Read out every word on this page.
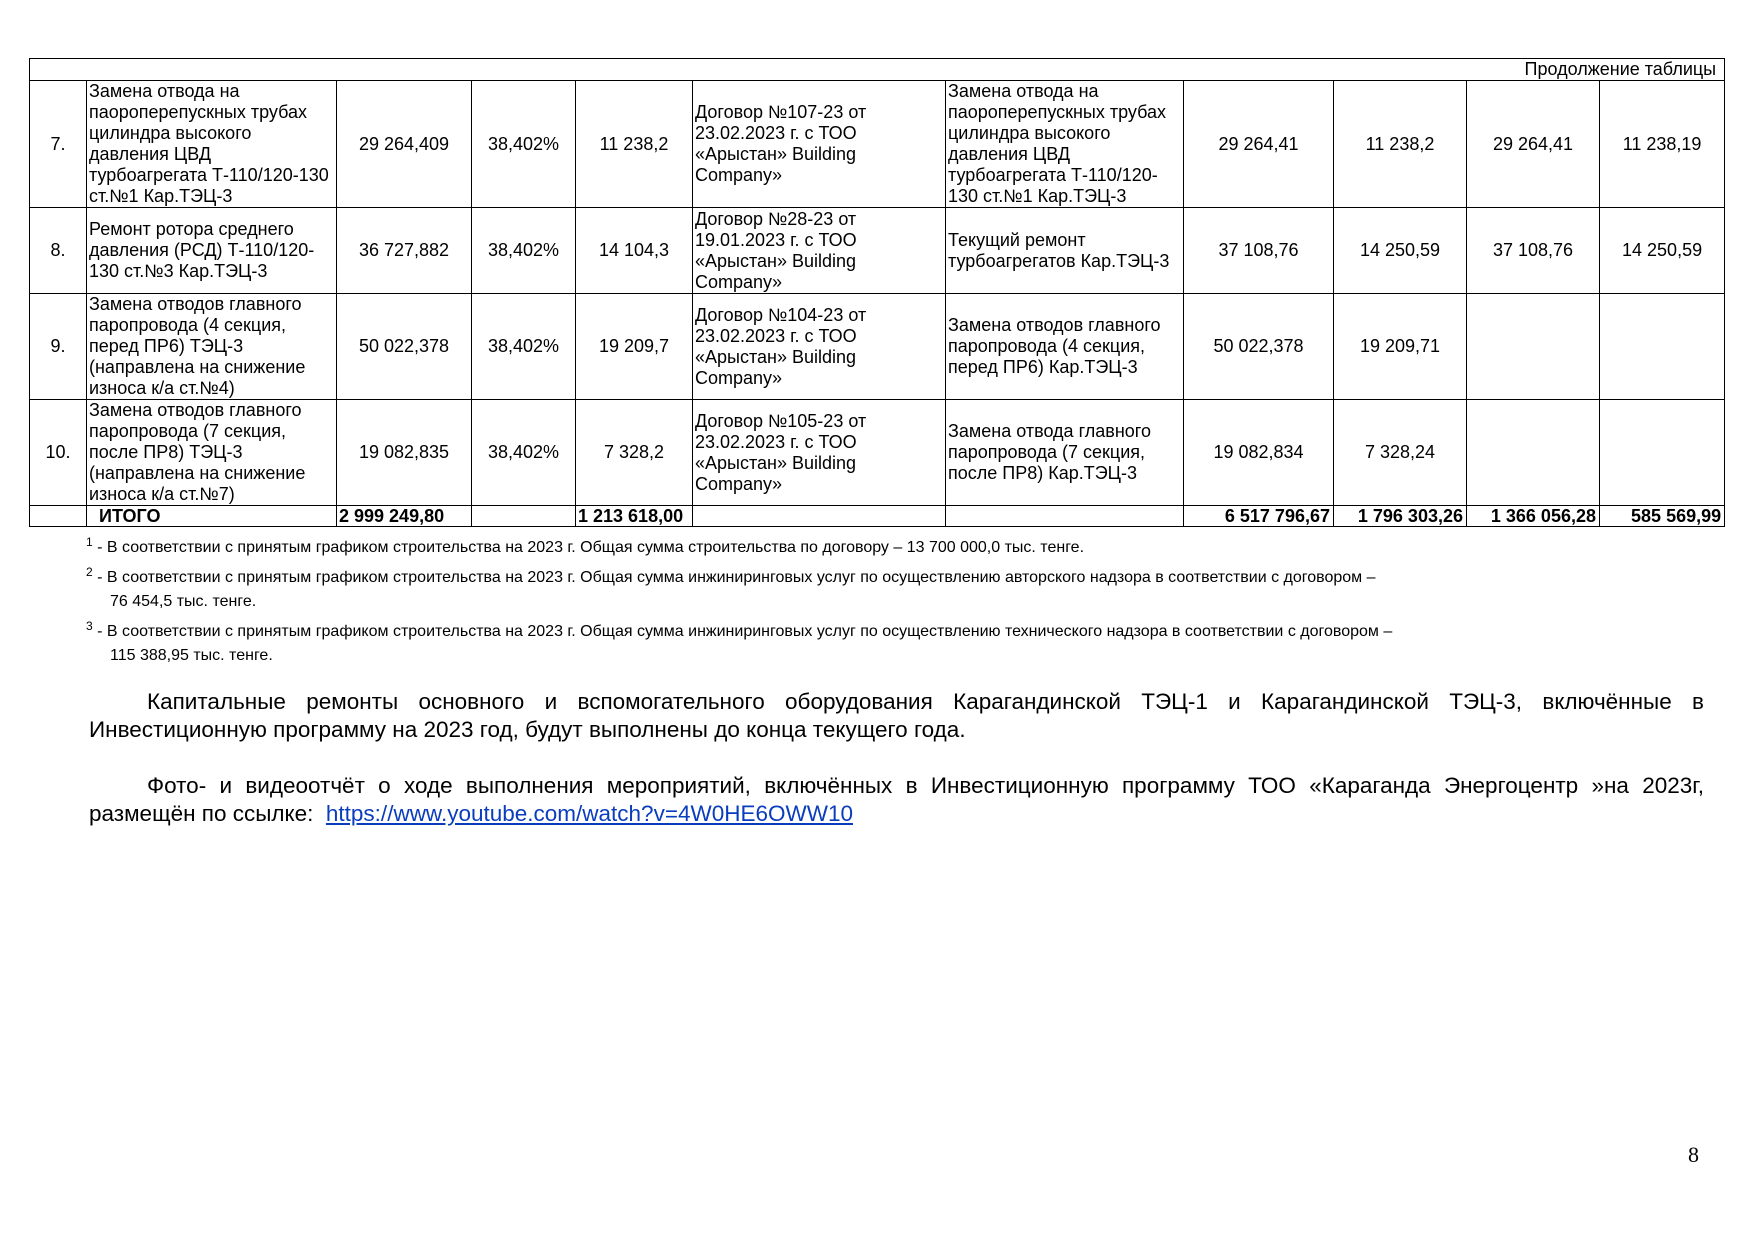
Продолжение таблицы										
7.	Замена отвода на паороперепускных трубах цилиндра высокого давления ЦВД турбоагрегата Т-110/120-130 ст.№1 Кар.ТЭЦ-3	29 264,409	38,402%	11 238,2	Договор №107-23 от 23.02.2023 г. с ТОО «Арыстан» Building Company»	Замена отвода на паороперепускных трубах цилиндра высокого давления ЦВД турбоагрегата Т-110/120-130 ст.№1 Кар.ТЭЦ-3	29 264,41	11 238,2	29 264,41	11 238,19
8.	Ремонт ротора среднего давления (РСД) Т-110/120-130 ст.№3 Кар.ТЭЦ-3	36 727,882	38,402%	14 104,3	Договор №28-23 от 19.01.2023 г. с ТОО «Арыстан» Building Company»	Текущий ремонт турбоагрегатов Кар.ТЭЦ-3	37 108,76	14 250,59	37 108,76	14 250,59
9.	Замена отводов главного паропровода (4 секция, перед ПР6) ТЭЦ-3 (направлена на снижение износа к/а ст.№4)	50 022,378	38,402%	19 209,7	Договор №104-23 от 23.02.2023 г. с ТОО «Арыстан» Building Company»	Замена отводов главного паропровода (4 секция, перед ПР6) Кар.ТЭЦ-3	50 022,378	19 209,71		
10.	Замена отводов главного паропровода (7 секция, после ПР8) ТЭЦ-3 (направлена на снижение износа к/а ст.№7)	19 082,835	38,402%	7 328,2	Договор №105-23 от 23.02.2023 г. с ТОО «Арыстан» Building Company»	Замена отвода главного паропровода (7 секция, после ПР8) Кар.ТЭЦ-3	19 082,834	7 328,24		
	ИТОГО	2 999 249,80		1 213 618,00			6 517 796,67	1 796 303,26	1 366 056,28	585 569,99
$^1$ - В соответствии с принятым графиком строительства на 2023 г. Общая сумма строительства по договору – 13 700 000,0 тыс. тенге.
$^2$ - В соответствии с принятым графиком строительства на 2023 г. Общая сумма инжиниринговых услуг по осуществлению авторского надзора в соответствии с договором –
76 454,5 тыс. тенге.
$^3$ - В соответствии с принятым графиком строительства на 2023 г. Общая сумма инжиниринговых услуг по осуществлению технического надзора в соответствии с договором –
115 388,95 тыс. тенге.
Капитальные ремонты основного и вспомогательного оборудования Карагандинской ТЭЦ-1 и Карагандинской ТЭЦ-3, включённые в Инвестиционную программу на 2023 год, будут выполнены до конца текущего года.
Фото- и видеоотчёт о ходе выполнения мероприятий, включённых в Инвестиционную программу ТОО «Караганда Энергоцентр »на 2023г, размещён по ссылке: https://www.youtube.com/watch?v=4W0HE6OWW10
8
